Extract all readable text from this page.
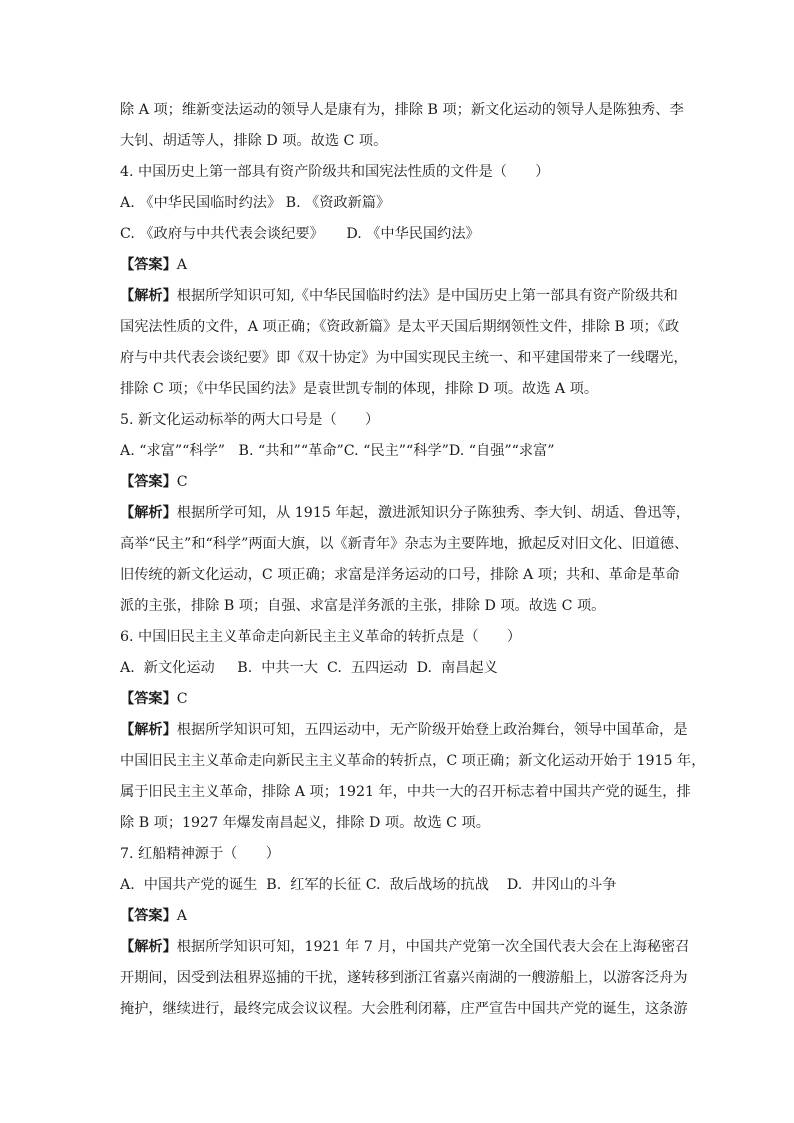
除 A 项；维新变法运动的领导人是康有为，排除 B 项；新文化运动的领导人是陈独秀、李

大钊、胡适等人，排除 D 项。故选 C 项。

4. 中国历史上第一部具有资产阶级共和国宪法性质的文件是（　　）

A. 《中华民国临时约法》 B. 《资政新篇》

C. 《政府与中共代表会谈纪要》     D. 《中华民国约法》

【答案】A

【解析】根据所学知识可知,《中华民国临时约法》是中国历史上第一部具有资产阶级共和

国宪法性质的文件，A 项正确；《资政新篇》是太平天国后期纲领性文件，排除 B 项；《政

府与中共代表会谈纪要》即《双十协定》为中国实现民主统一、和平建国带来了一线曙光，

排除 C 项；《中华民国约法》是袁世凯专制的体现，排除 D 项。故选 A 项。

5. 新文化运动标举的两大口号是（　　）

A. “求富”“科学”   B. “共和”“革命”C. “民主”“科学”D. “自强”“求富”

【答案】C

【解析】根据所学可知，从 1915 年起，激进派知识分子陈独秀、李大钊、胡适、鲁迅等，

高举“民主”和“科学”两面大旗，以《新青年》杂志为主要阵地，掀起反对旧文化、旧道德、

旧传统的新文化运动，C 项正确；求富是洋务运动的口号，排除 A 项；共和、革命是革命

派的主张，排除 B 项；自强、求富是洋务派的主张，排除 D 项。故选 C 项。

6. 中国旧民主主义革命走向新民主主义革命的转折点是（　　）

A.  新文化运动     B.  中共一大  C.  五四运动  D.  南昌起义

【答案】C

【解析】根据所学知识可知，五四运动中，无产阶级开始登上政治舞台，领导中国革命，是

中国旧民主主义革命走向新民主主义革命的转折点，C 项正确；新文化运动开始于 1915 年，

属于旧民主主义革命，排除 A 项；1921 年，中共一大的召开标志着中国共产党的诞生，排

除 B 项；1927 年爆发南昌起义，排除 D 项。故选 C 项。

7. 红船精神源于（　　）

A.  中国共产党的诞生  B.  红军的长征 C.  敌后战场的抗战    D.  井冈山的斗争

【答案】A

【解析】根据所学知识可知，1921 年 7 月，中国共产党第一次全国代表大会在上海秘密召

开期间，因受到法租界巡捕的干扰，遂转移到浙江省嘉兴南湖的一艘游船上，以游客泛舟为

掩护，继续进行，最终完成会议议程。大会胜利闭幕，庄严宣告中国共产党的诞生，这条游
